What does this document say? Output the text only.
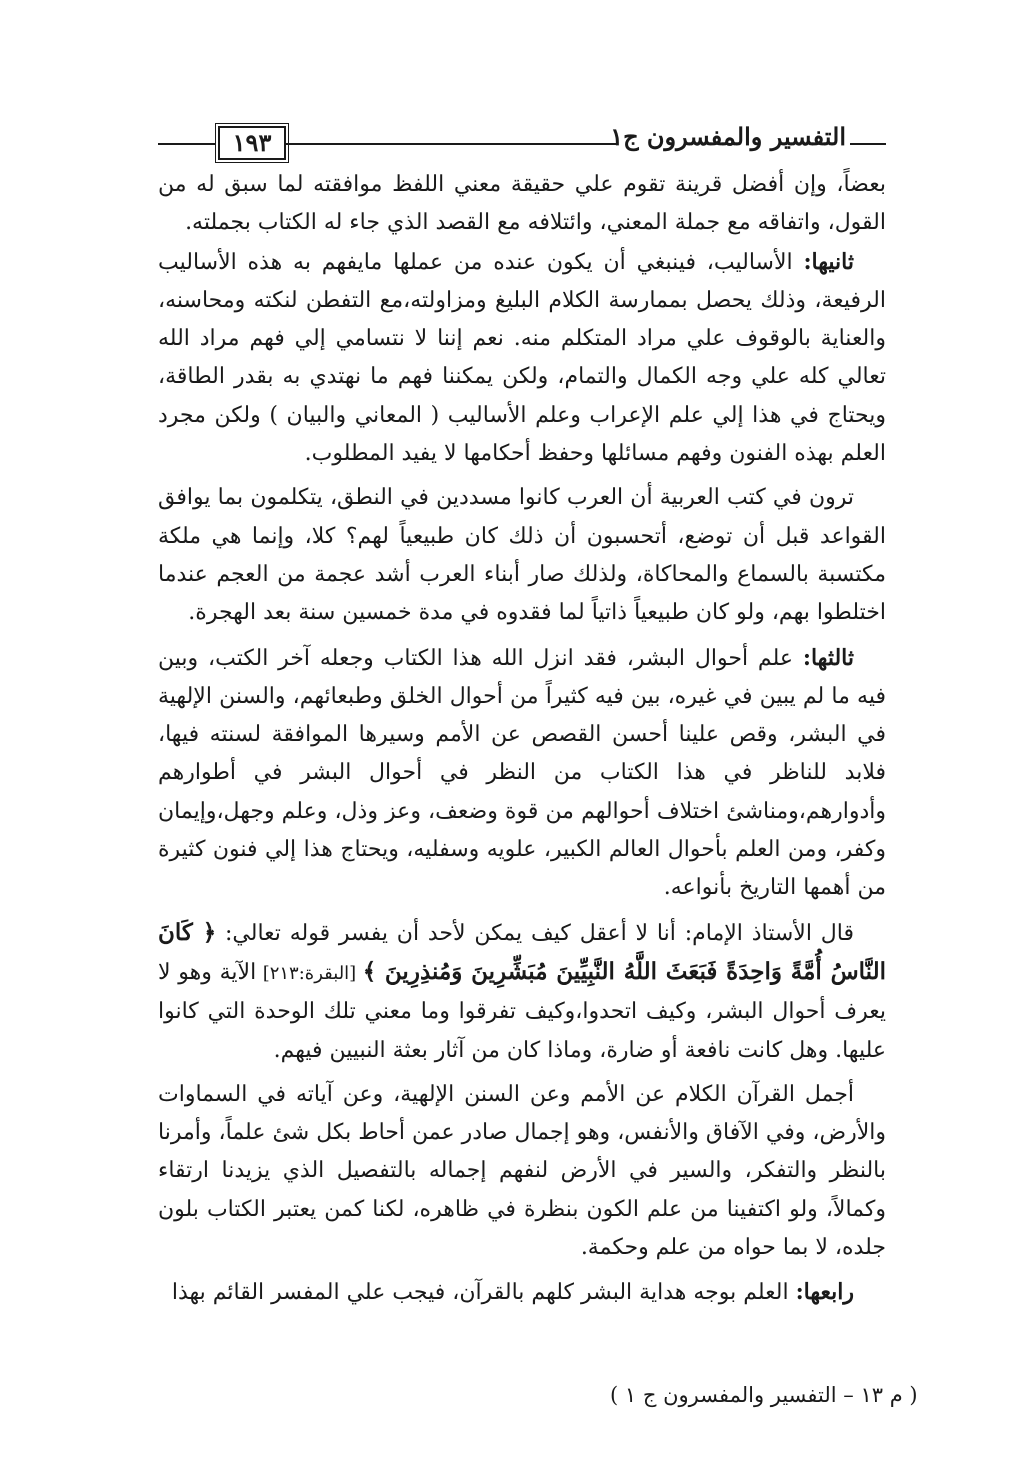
١٩٣	التفسير والمفسرون ج١

بعضاً، وإن أفضل قرينة تقوم علي حقيقة معني اللفظ موافقته لما سبق له من القول، واتفاقه مع جملة المعني، وائتلافه مع القصد الذي جاء له الكتاب بجملته.

ثانيها: الأساليب، فينبغي أن يكون عنده من عملها مايفهم به هذه الأساليب الرفيعة، وذلك يحصل بممارسة الكلام البليغ ومزاولته،مع التفطن لنكته ومحاسنه، والعناية بالوقوف علي مراد المتكلم منه. نعم إننا لا نتسامي إلي فهم مراد الله تعالي كله علي وجه الكمال والتمام، ولكن يمكننا فهم ما نهتدي به بقدر الطاقة، ويحتاج في هذا إلي علم الإعراب وعلم الأساليب ( المعاني والبيان ) ولكن مجرد العلم بهذه الفنون وفهم مسائلها وحفظ أحكامها لا يفيد المطلوب.

ترون في كتب العربية أن العرب كانوا مسددين في النطق، يتكلمون بما يوافق القواعد قبل أن توضع، أتحسبون أن ذلك كان طبيعياً لهم؟ كلا، وإنما هي ملكة مكتسبة بالسماع والمحاكاة، ولذلك صار أبناء العرب أشد عجمة من العجم عندما اختلطوا بهم، ولو كان طبيعياً ذاتياً لما فقدوه في مدة خمسين سنة بعد الهجرة.

ثالثها: علم أحوال البشر، فقد انزل الله هذا الكتاب وجعله آخر الكتب، وبين فيه ما لم يبين في غيره، بين فيه كثيراً من أحوال الخلق وطبعائهم، والسنن الإلهية في البشر، وقص علينا أحسن القصص عن الأمم وسيرها الموافقة لسنته فيها، فلابد للناظر في هذا الكتاب من النظر في أحوال البشر في أطوارهم وأدوارهم،ومناشئ اختلاف أحوالهم من قوة وضعف، وعز وذل، وعلم وجهل،وإيمان وكفر، ومن العلم بأحوال العالم الكبير، علويه وسفليه، ويحتاج هذا إلي فنون كثيرة من أهمها التاريخ بأنواعه.

قال الأستاذ الإمام: أنا لا أعقل كيف يمكن لأحد أن يفسر قوله تعالي: ﴿ كَانَ النَّاسُ أُمَّةً وَاحِدَةً فَبَعَثَ اللَّهُ النَّبِيِّينَ مُبَشِّرِينَ وَمُنذِرِينَ ﴾ [البقرة:٢١٣] الآية وهو لا يعرف أحوال البشر، وكيف اتحدوا،وكيف تفرقوا وما معني تلك الوحدة التي كانوا عليها. وهل كانت نافعة أو ضارة، وماذا كان من آثار بعثة النبيين فيهم.

أجمل القرآن الكلام عن الأمم وعن السنن الإلهية، وعن آياته في السماوات والأرض، وفي الآفاق والأنفس، وهو إجمال صادر عمن أحاط بكل شئ علماً، وأمرنا بالنظر والتفكر، والسير في الأرض لنفهم إجماله بالتفصيل الذي يزيدنا ارتقاء وكمالاً، ولو اكتفينا من علم الكون بنظرة في ظاهره، لكنا كمن يعتبر الكتاب بلون جلده، لا بما حواه من علم وحكمة.

رابعها: العلم بوجه هداية البشر كلهم بالقرآن، فيجب علي المفسر القائم بهذا

( م ١٣ – التفسير والمفسرون ج ١ )
